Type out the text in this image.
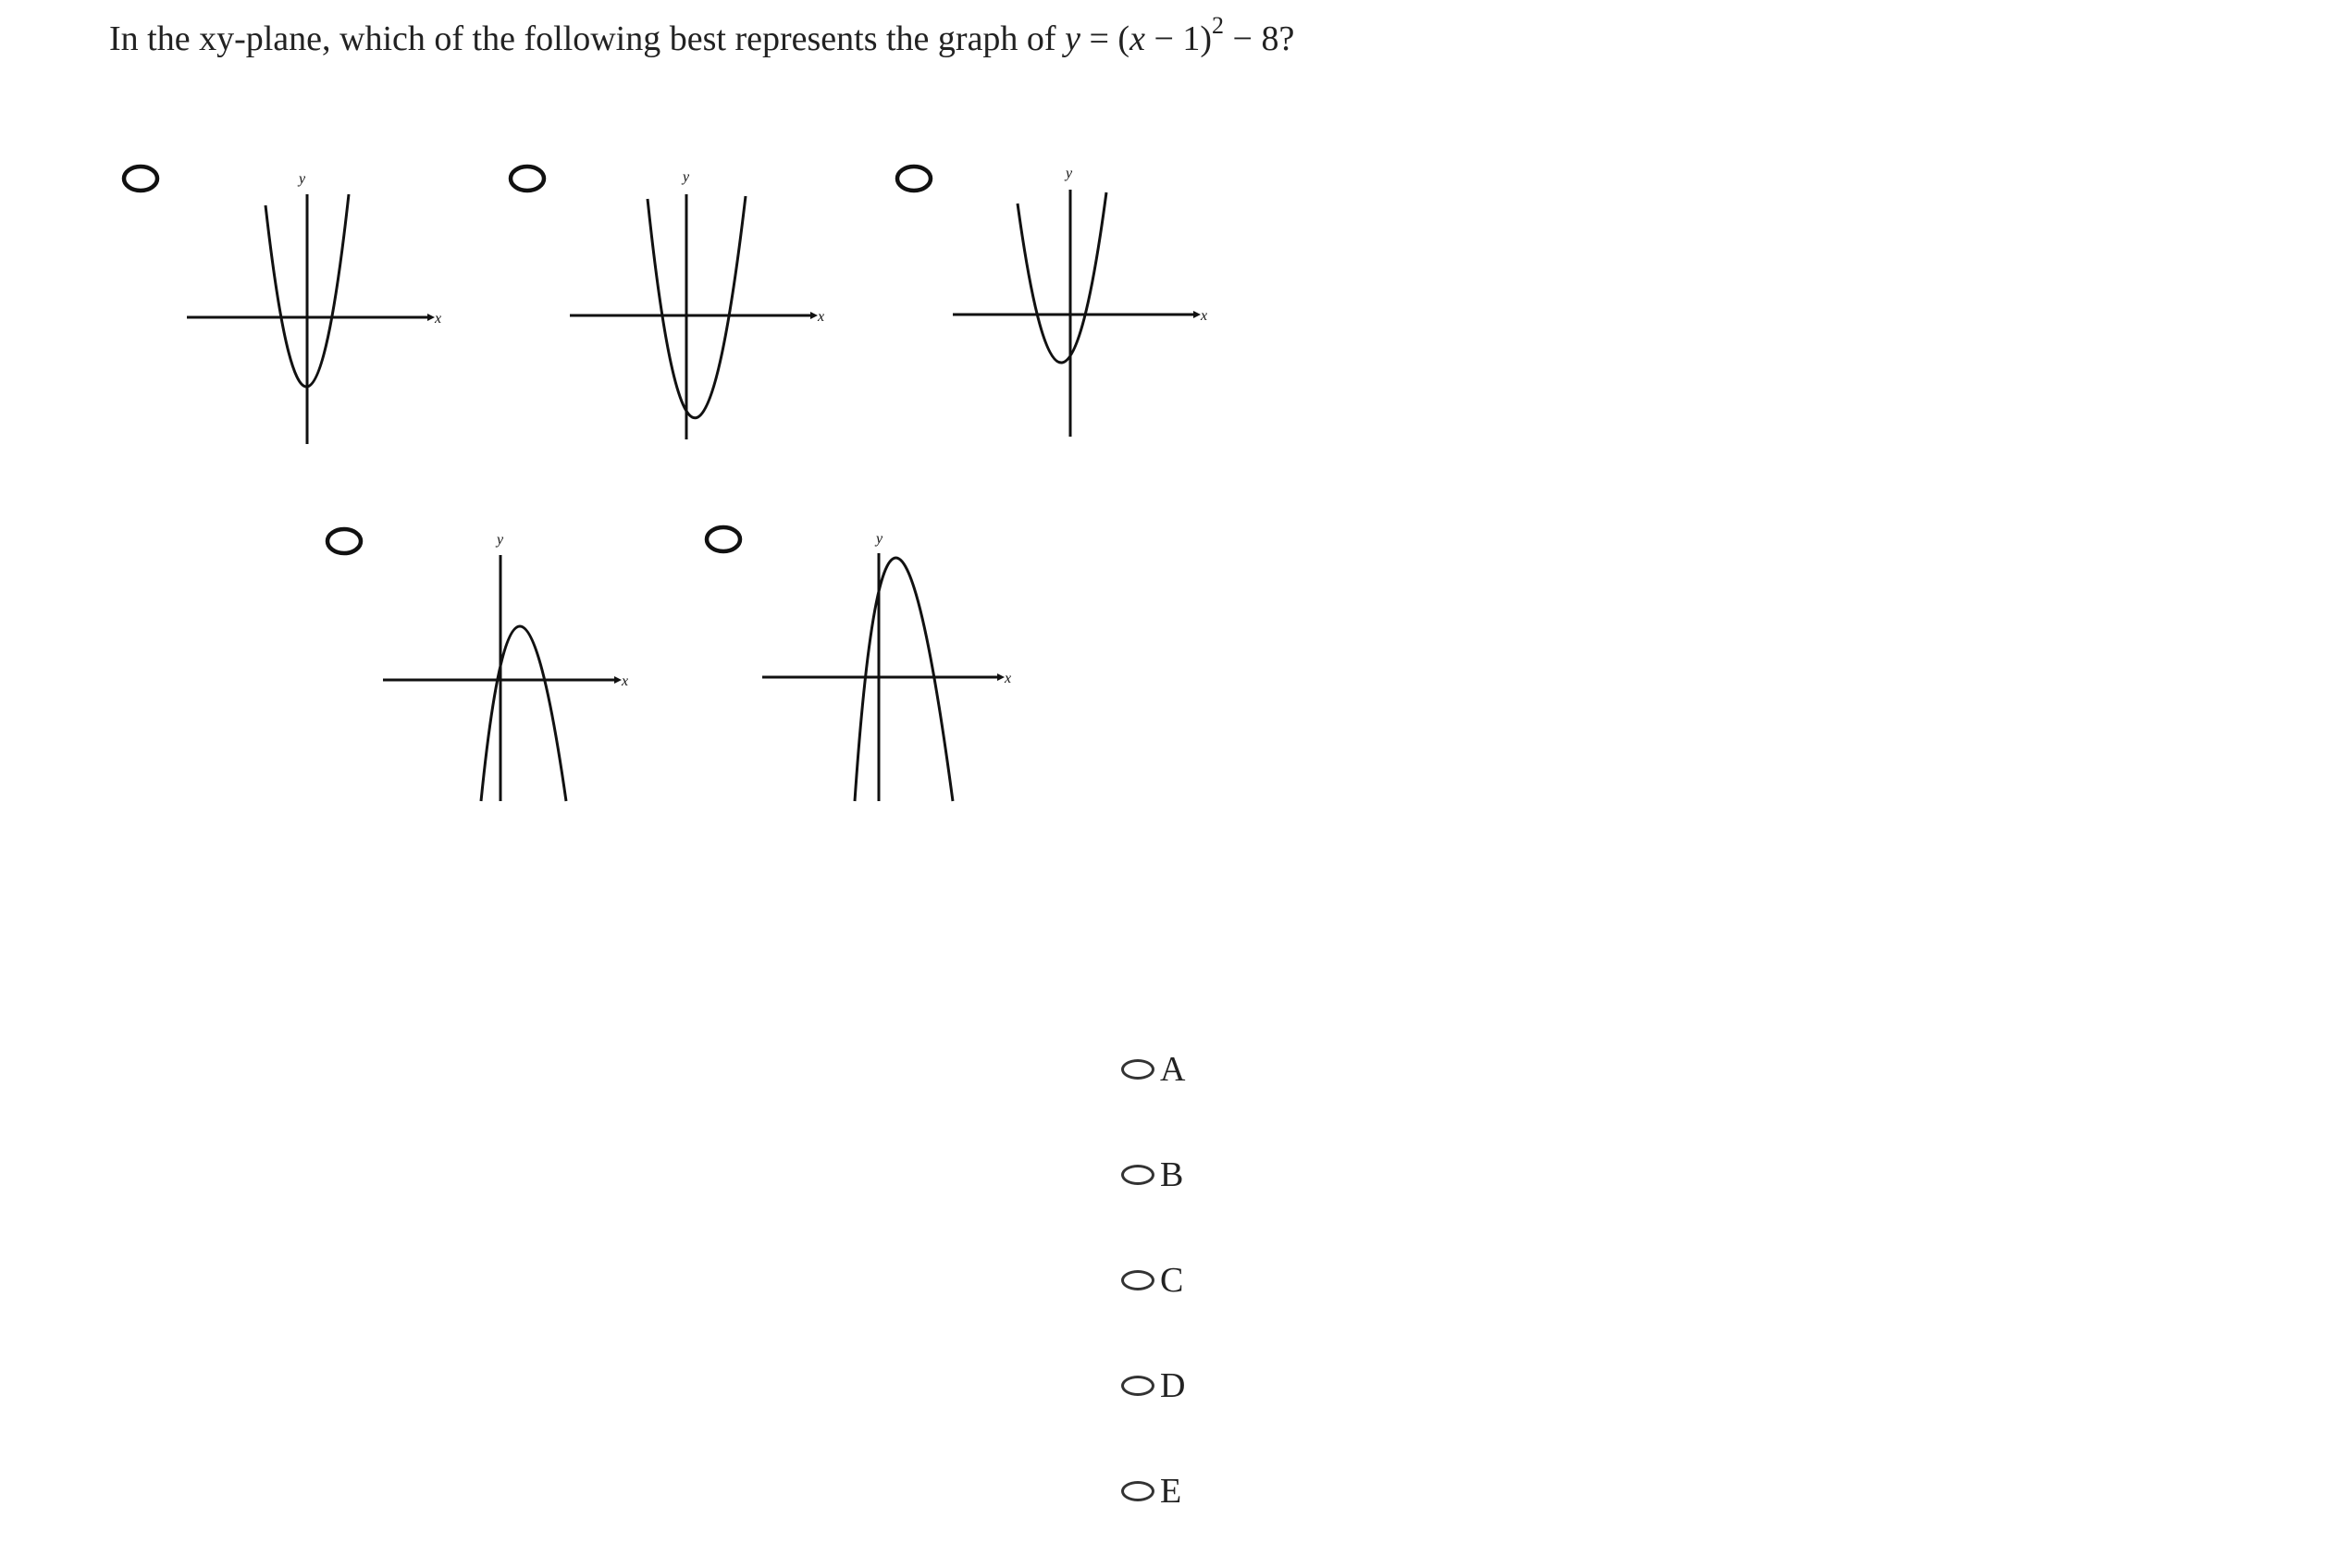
In the xy-plane, which of the following best represents the graph of $y = (x - 1)^2 - 8$?
x
y
x
y
x
y
x
y
x
y
A
B
C
D
E
